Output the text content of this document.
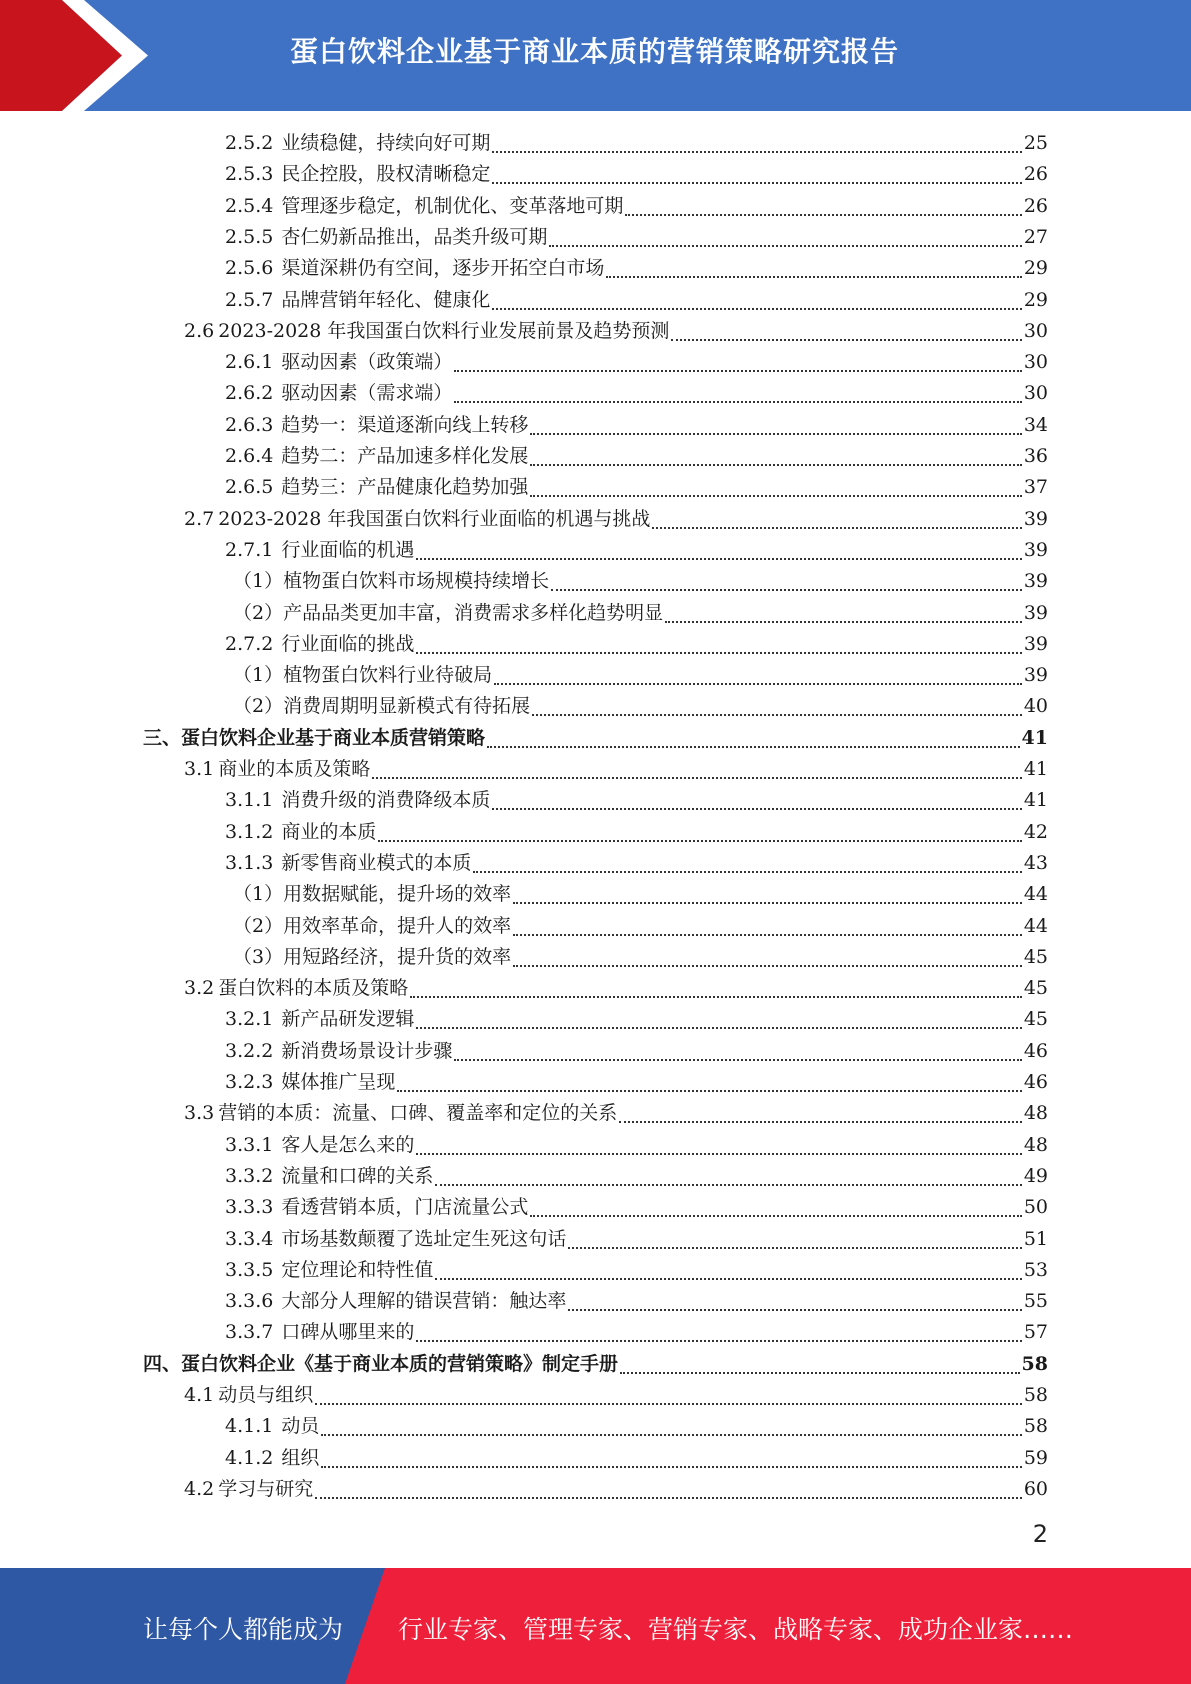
蛋白饮料企业基于商业本质的营销策略研究报告
2.5.2 业绩稳健，持续向好可期	25
2.5.3 民企控股，股权清晰稳定	26
2.5.4 管理逐步稳定，机制优化、变革落地可期	26
2.5.5 杏仁奶新品推出，品类升级可期	27
2.5.6 渠道深耕仍有空间，逐步开拓空白市场	29
2.5.7 品牌营销年轻化、健康化	29
2.6 2023-2028 年我国蛋白饮料行业发展前景及趋势预测	30
2.6.1 驱动因素（政策端）	30
2.6.2 驱动因素（需求端）	30
2.6.3 趋势一：渠道逐渐向线上转移	34
2.6.4 趋势二：产品加速多样化发展	36
2.6.5 趋势三：产品健康化趋势加强	37
2.7 2023-2028 年我国蛋白饮料行业面临的机遇与挑战	39
2.7.1 行业面临的机遇	39
（1）植物蛋白饮料市场规模持续增长	39
（2）产品品类更加丰富，消费需求多样化趋势明显	39
2.7.2 行业面临的挑战	39
（1）植物蛋白饮料行业待破局	39
（2）消费周期明显新模式有待拓展	40
三、 蛋白饮料企业基于商业本质营销策略	41
3.1 商业的本质及策略	41
3.1.1 消费升级的消费降级本质	41
3.1.2 商业的本质	42
3.1.3 新零售商业模式的本质	43
（1）用数据赋能，提升场的效率	44
（2）用效率革命，提升人的效率	44
（3）用短路经济，提升货的效率	45
3.2 蛋白饮料的本质及策略	45
3.2.1 新产品研发逻辑	45
3.2.2 新消费场景设计步骤	46
3.2.3 媒体推广呈现	46
3.3 营销的本质：流量、口碑、覆盖率和定位的关系	48
3.3.1 客人是怎么来的	48
3.3.2 流量和口碑的关系	49
3.3.3 看透营销本质，门店流量公式	50
3.3.4 市场基数颠覆了选址定生死这句话	51
3.3.5 定位理论和特性值	53
3.3.6 大部分人理解的错误营销：触达率	55
3.3.7 口碑从哪里来的	57
四、 蛋白饮料企业《基于商业本质的营销策略》制定手册	58
4.1 动员与组织	58
4.1.1 动员	58
4.1.2 组织	59
4.2 学习与研究	60
2
让每个人都能成为 行业专家、管理专家、营销专家、战略专家、成功企业家……
